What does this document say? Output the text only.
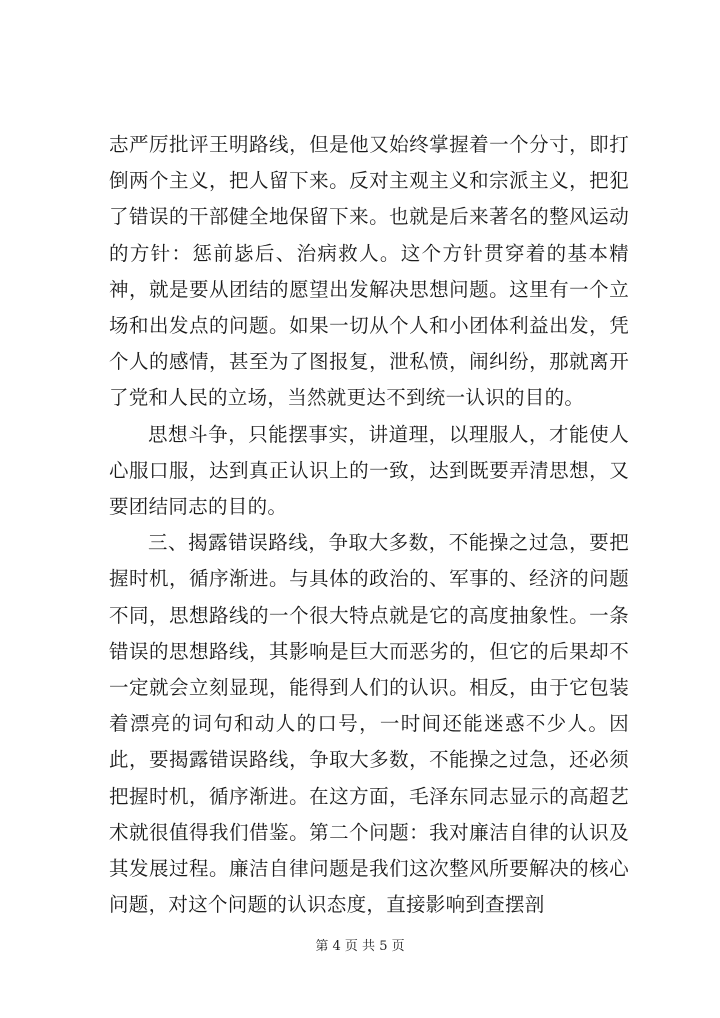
志严厉批评王明路线，但是他又始终掌握着一个分寸，即打倒两个主义，把人留下来。反对主观主义和宗派主义，把犯了错误的干部健全地保留下来。也就是后来著名的整风运动的方针：惩前毖后、治病救人。这个方针贯穿着的基本精神，就是要从团结的愿望出发解决思想问题。这里有一个立场和出发点的问题。如果一切从个人和小团体利益出发，凭个人的感情，甚至为了图报复，泄私愤，闹纠纷，那就离开了党和人民的立场，当然就更达不到统一认识的目的。

思想斗争，只能摆事实，讲道理，以理服人，才能使人心服口服，达到真正认识上的一致，达到既要弄清思想，又要团结同志的目的。

三、揭露错误路线，争取大多数，不能操之过急，要把握时机，循序渐进。与具体的政治的、军事的、经济的问题不同，思想路线的一个很大特点就是它的高度抽象性。一条错误的思想路线，其影响是巨大而恶劣的，但它的后果却不一定就会立刻显现，能得到人们的认识。相反，由于它包装着漂亮的词句和动人的口号，一时间还能迷惑不少人。因此，要揭露错误路线，争取大多数，不能操之过急，还必须把握时机，循序渐进。在这方面，毛泽东同志显示的高超艺术就很值得我们借鉴。第二个问题：我对廉洁自律的认识及其发展过程。廉洁自律问题是我们这次整风所要解决的核心问题，对这个问题的认识态度，直接影响到查摆剖

第 4 页 共 5 页
